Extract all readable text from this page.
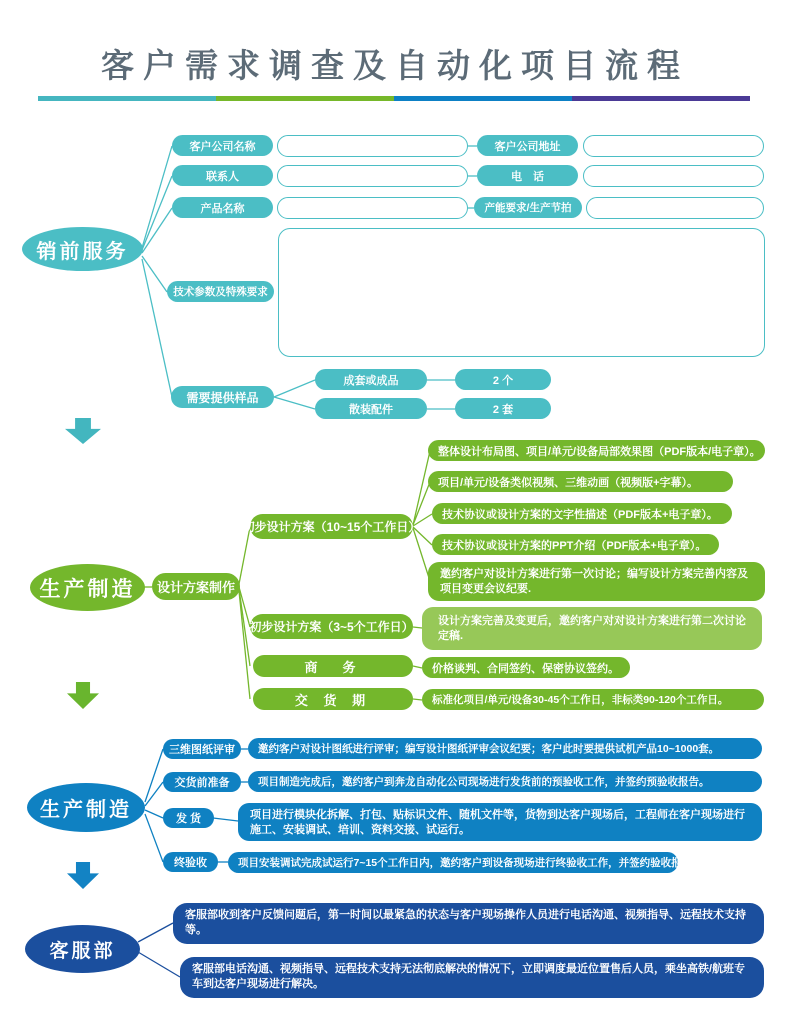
客户需求调查及自动化项目流程
销前服务
客户公司名称	客户公司地址
联系人	电　话
产品名称	产能要求/生产节拍
技术参数及特殊要求
需要提供样品
成套或成品	2 个
散装配件	2 套
生产制造	设计方案制作
初步设计方案（10~15个工作日）
整体设计布局图、项目/单元/设备局部效果图（PDF版本/电子章）。
项目/单元/设备类似视频、三维动画（视频版+字幕）。
技术协议或设计方案的文字性描述（PDF版本+电子章）。
技术协议或设计方案的PPT介绍（PDF版本+电子章）。
邀约客户对设计方案进行第一次讨论；编写设计方案完善内容及项目变更会议纪要.
初步设计方案（3~5个工作日）	设计方案完善及变更后，邀约客户对对设计方案进行第二次讨论定稿.
商　务	价格谈判、合同签约、保密协议签约。
交 货 期	标准化项目/单元/设备30-45个工作日，非标类90-120个工作日。
生产制造
三维图纸评审	邀约客户对设计图纸进行评审；编写设计图纸评审会议纪要；客户此时要提供试机产品10~1000套。
交货前准备	项目制造完成后，邀约客户到奔龙自动化公司现场进行发货前的预验收工作，并签约预验收报告。
发 货	项目进行模块化拆解、打包、贴标识文件、随机文件等，货物到达客户现场后，工程师在客户现场进行施工、安装调试、培训、资料交接、试运行。
终验收	项目安装调试完成试运行7~15个工作日内，邀约客户到设备现场进行终验收工作，并签约验收报告。
客服部
客服部收到客户反馈问题后，第一时间以最紧急的状态与客户现场操作人员进行电话沟通、视频指导、远程技术支持等。
客服部电话沟通、视频指导、远程技术支持无法彻底解决的情况下，立即调度最近位置售后人员，乘坐高铁/航班专车到达客户现场进行解决。
